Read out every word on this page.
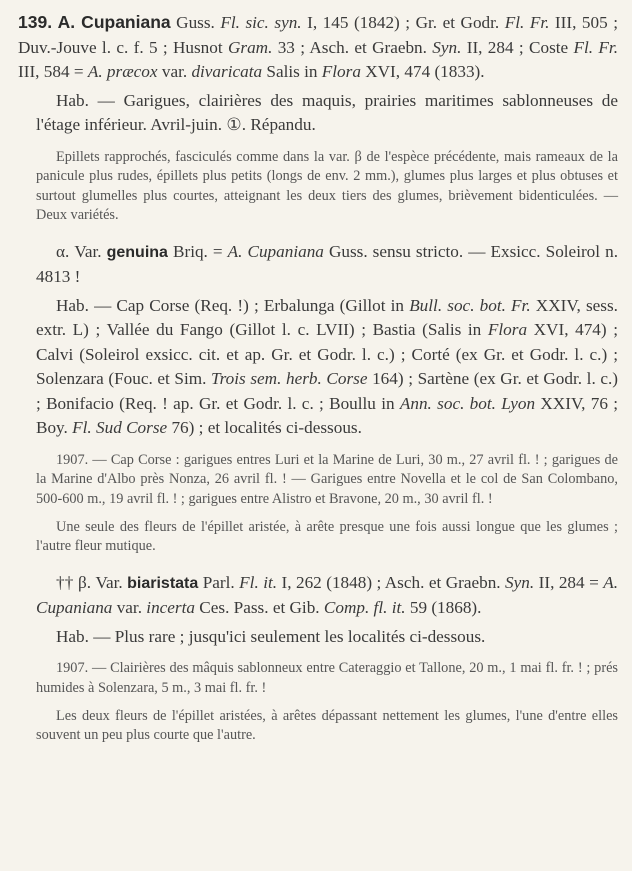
139. A. Cupaniana Guss. Fl. sic. syn. I, 145 (1842) ; Gr. et Godr. Fl. Fr. III, 505 ; Duv.-Jouve l. c. f. 5 ; Husnot Gram. 33 ; Asch. et Graebn. Syn. II, 284 ; Coste Fl. Fr. III, 584 = A. præcox var. divaricata Salis in Flora XVI, 474 (1833).

Hab. — Garigues, clairières des maquis, prairies maritimes sablonneuses de l'étage inférieur. Avril-juin. ①. Répandu.

Epillets rapprochés, fasciculés comme dans la var. β de l'espèce précédente, mais rameaux de la panicule plus rudes, épillets plus petits (longs de env. 2 mm.), glumes plus larges et plus obtuses et surtout glumelles plus courtes, atteignant les deux tiers des glumes, brièvement bidenticulées. — Deux variétés.

α. Var. genuina Briq. = A. Cupaniana Guss. sensu stricto. — Exsicc. Soleirol n. 4813 !

Hab. — Cap Corse (Req. !) ; Erbalunga (Gillot in Bull. soc. bot. Fr. XXIV, sess. extr. L) ; Vallée du Fango (Gillot l. c. LVII) ; Bastia (Salis in Flora XVI, 474) ; Calvi (Soleirol exsicc. cit. et ap. Gr. et Godr. l. c.) ; Corté (ex Gr. et Godr. l. c.) ; Solenzara (Fouc. et Sim. Trois sem. herb. Corse 164) ; Sartène (ex Gr. et Godr. l. c.) ; Bonifacio (Req. ! ap. Gr. et Godr. l. c. ; Boullu in Ann. soc. bot. Lyon XXIV, 76 ; Boy. Fl. Sud Corse 76) ; et localités ci-dessous.

1907. — Cap Corse : garigues entres Luri et la Marine de Luri, 30 m., 27 avril fl. ! ; garigues de la Marine d'Albo près Nonza, 26 avril fl. ! — Garigues entre Novella et le col de San Colombano, 500-600 m., 19 avril fl. ! ; garigues entre Alistro et Bravone, 20 m., 30 avril fl. !

Une seule des fleurs de l'épillet aristée, à arête presque une fois aussi longue que les glumes ; l'autre fleur mutique.

†† β. Var. biaristata Parl. Fl. it. I, 262 (1848) ; Asch. et Graebn. Syn. II, 284 = A. Cupaniana var. incerta Ces. Pass. et Gib. Comp. fl. it. 59 (1868).

Hab. — Plus rare ; jusqu'ici seulement les localités ci-dessous.

1907. — Clairières des mâquis sablonneux entre Cateraggio et Tallone, 20 m., 1 mai fl. fr. ! ; prés humides à Solenzara, 5 m., 3 mai fl. fr. !

Les deux fleurs de l'épillet aristées, à arêtes dépassant nettement les glumes, l'une d'entre elles souvent un peu plus courte que l'autre.
